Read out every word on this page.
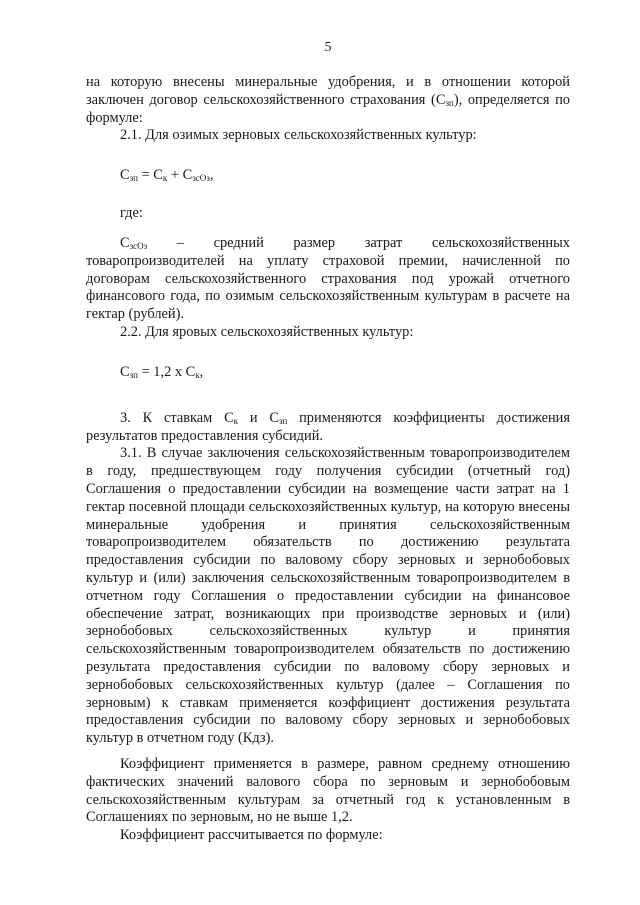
5

на которую внесены минеральные удобрения, и в отношении которой заключен договор сельскохозяйственного страхования $(С_{зп})$, определяется по формуле:

2.1. Для озимых зерновых сельскохозяйственных культур:

$С_{зп} = С_к + С_{зсОз}$,

где:

$С_{зсОз}$ – средний размер затрат сельскохозяйственных товаропроизводителей на уплату страховой премии, начисленной по договорам сельскохозяйственного страхования под урожай отчетного финансового года, по озимым сельскохозяйственным культурам в расчете на гектар (рублей).

2.2. Для яровых сельскохозяйственных культур:

$С_{зп} = 1,2$ х $С_к$,

3. К ставкам $С_к$ и $С_{зп}$ применяются коэффициенты достижения результатов предоставления субсидий.

3.1. В случае заключения сельскохозяйственным товаропроизводителем в году, предшествующем году получения субсидии (отчетный год) Соглашения о предоставлении субсидии на возмещение части затрат на 1 гектар посевной площади сельскохозяйственных культур, на которую внесены минеральные удобрения и принятия сельскохозяйственным товаропроизводителем обязательств по достижению результата предоставления субсидии по валовому сбору зерновых и зернобобовых культур и (или) заключения сельскохозяйственным товаропроизводителем в отчетном году Соглашения о предоставлении субсидии на финансовое обеспечение затрат, возникающих при производстве зерновых и (или) зернобобовых сельскохозяйственных культур и принятия сельскохозяйственным товаропроизводителем обязательств по достижению результата предоставления субсидии по валовому сбору зерновых и зернобобовых сельскохозяйственных культур (далее – Соглашения по зерновым) к ставкам применяется коэффициент достижения результата предоставления субсидии по валовому сбору зерновых и зернобобовых культур в отчетном году (Кдз).

Коэффициент применяется в размере, равном среднему отношению фактических значений валового сбора по зерновым и зернобобовым сельскохозяйственным культурам за отчетный год к установленным в Соглашениях по зерновым, но не выше 1,2.

Коэффициент рассчитывается по формуле:
